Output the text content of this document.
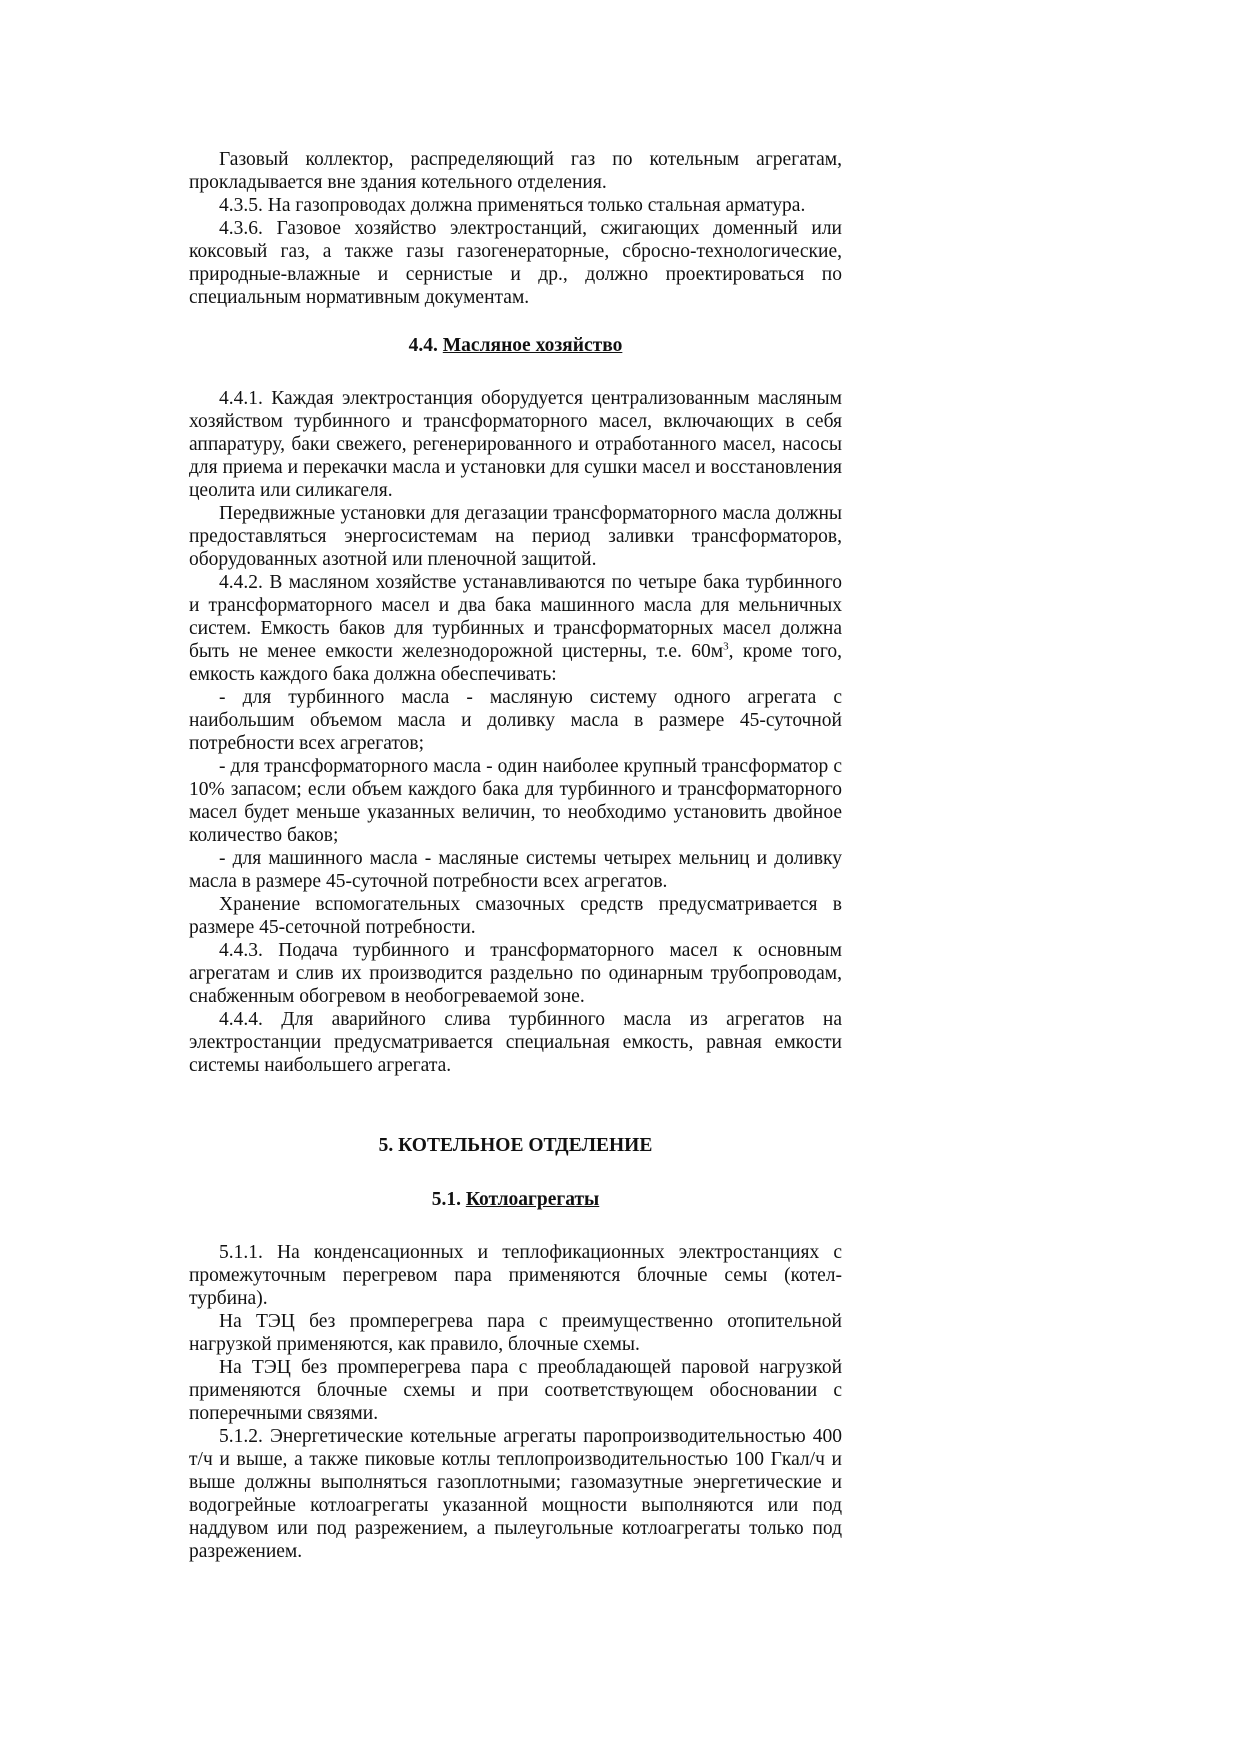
Газовый коллектор, распределяющий газ по котельным агрегатам, прокладывается вне здания котельного отделения.

4.3.5. На газопроводах должна применяться только стальная арматура.

4.3.6. Газовое хозяйство электростанций, сжигающих доменный или коксовый газ, а также газы газогенераторные, сбросно-технологические, природные-влажные и сернистые и др., должно проектироваться по специальным нормативным документам.

4.4. Масляное хозяйство

4.4.1. Каждая электростанция оборудуется централизованным масляным хозяйством турбинного и трансформаторного масел, включающих в себя аппаратуру, баки свежего, регенерированного и отработанного масел, насосы для приема и перекачки масла и установки для сушки масел и восстановления цеолита или силикагеля.

Передвижные установки для дегазации трансформаторного масла должны предоставляться энергосистемам на период заливки трансформаторов, оборудованных азотной или пленочной защитой.

4.4.2. В масляном хозяйстве устанавливаются по четыре бака турбинного и трансформаторного масел и два бака машинного масла для мельничных систем. Емкость баков для турбинных и трансформаторных масел должна быть не менее емкости железнодорожной цистерны, т.е. $60м^3$, кроме того, емкость каждого бака должна обеспечивать:

- для турбинного масла - масляную систему одного агрегата с наибольшим объемом масла и доливку масла в размере 45-суточной потребности всех агрегатов;

- для трансформаторного масла - один наиболее крупный трансформатор с 10% запасом; если объем каждого бака для турбинного и трансформаторного масел будет меньше указанных величин, то необходимо установить двойное количество баков;

- для машинного масла - масляные системы четырех мельниц и доливку масла в размере 45-суточной потребности всех агрегатов.

Хранение вспомогательных смазочных средств предусматривается в размере 45-сеточной потребности.

4.4.3. Подача турбинного и трансформаторного масел к основным агрегатам и слив их производится раздельно по одинарным трубопроводам, снабженным обогревом в необогреваемой зоне.

4.4.4. Для аварийного слива турбинного масла из агрегатов на электростанции предусматривается специальная емкость, равная емкости системы наибольшего агрегата.

5. КОТЕЛЬНОЕ ОТДЕЛЕНИЕ

5.1. Котлоагрегаты

5.1.1. На конденсационных и теплофикационных электростанциях с промежуточным перегревом пара применяются блочные семы (котел-турбина).

На ТЭЦ без промперегрева пара с преимущественно отопительной нагрузкой применяются, как правило, блочные схемы.

На ТЭЦ без промперегрева пара с преобладающей паровой нагрузкой применяются блочные схемы и при соответствующем обосновании с поперечными связями.

5.1.2. Энергетические котельные агрегаты паропроизводительностью 400 т/ч и выше, а также пиковые котлы теплопроизводительностью 100 Гкал/ч и выше должны выполняться газоплотными; газомазутные энергетические и водогрейные котлоагрегаты указанной мощности выполняются или под наддувом или под разрежением, а пылеугольные котлоагрегаты только под разрежением.
